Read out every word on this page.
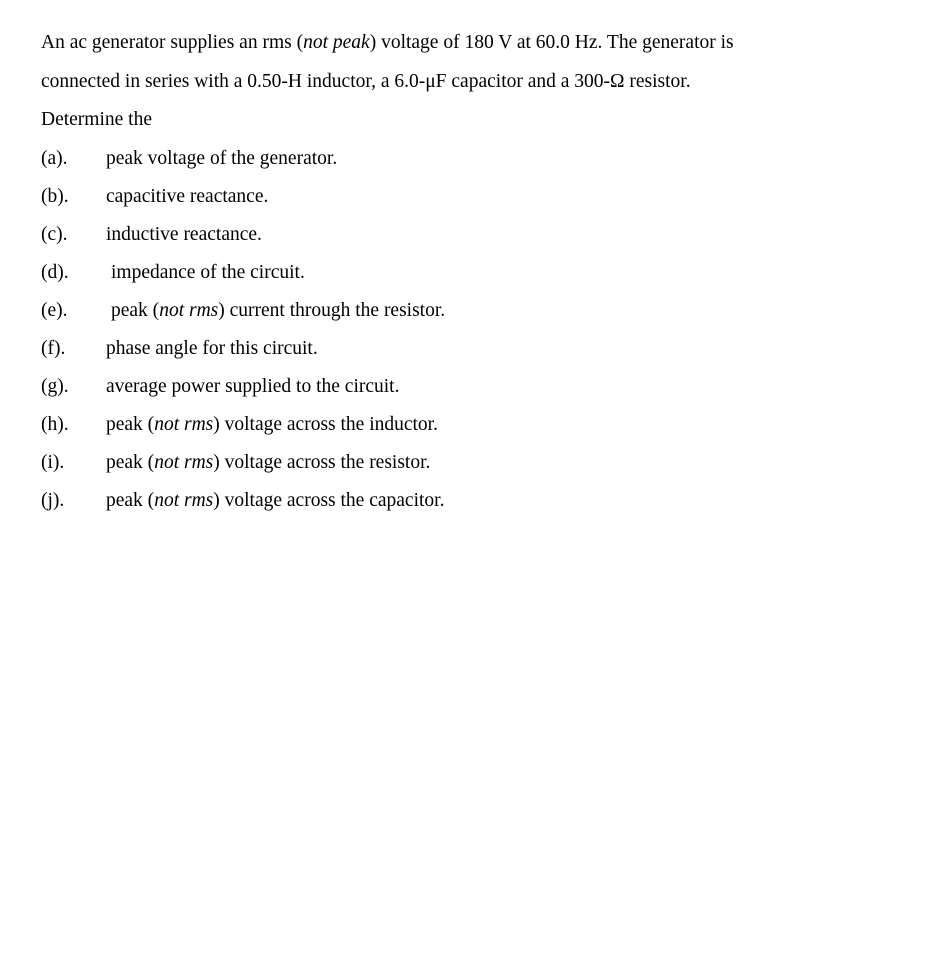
An ac generator supplies an rms (not peak) voltage of 180 V at 60.0 Hz. The generator is
connected in series with a 0.50-H inductor, a 6.0-μF capacitor and a 300-Ω resistor.
Determine the
(a).	peak voltage of the generator.
(b).	capacitive reactance.
(c).	inductive reactance.
(d).	impedance of the circuit.
(e).	peak (not rms) current through the resistor.
(f).	phase angle for this circuit.
(g).	average power supplied to the circuit.
(h).	peak (not rms) voltage across the inductor.
(i).	peak (not rms) voltage across the resistor.
(j).	peak (not rms) voltage across the capacitor.
